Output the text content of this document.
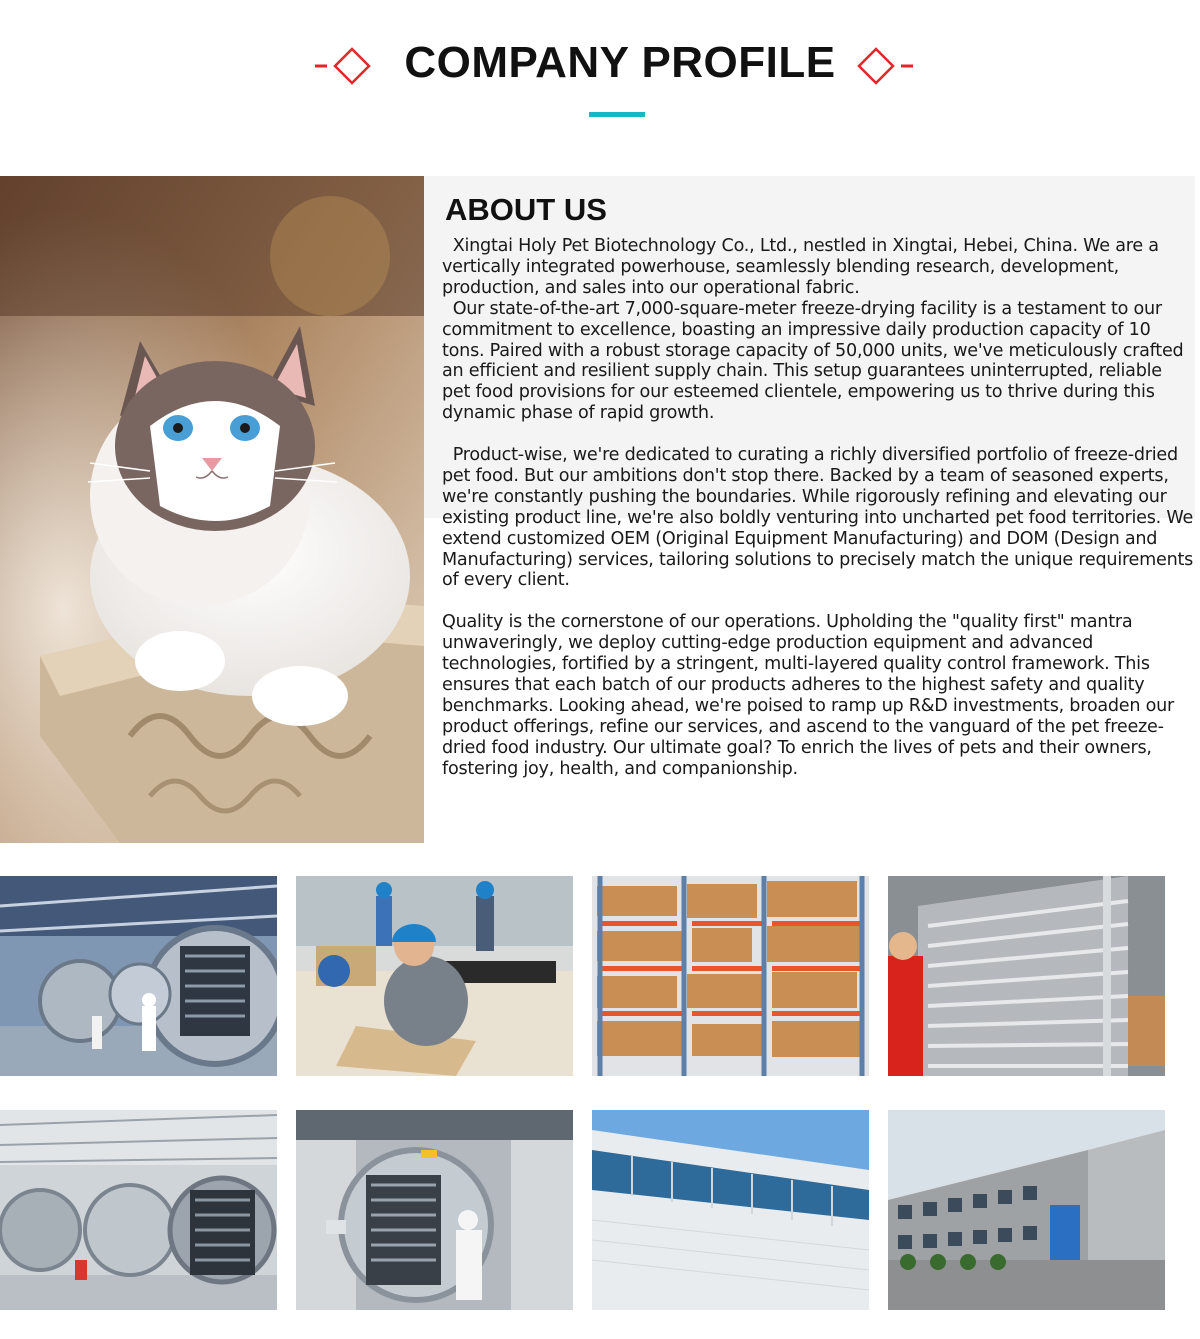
COMPANY PROFILE
ABOUT US

Xingtai Holy Pet Biotechnology Co., Ltd., nestled in Xingtai, Hebei, China. We are a vertically integrated powerhouse, seamlessly blending research, development, production, and sales into our operational fabric.
Our state-of-the-art 7,000-square-meter freeze-drying facility is a testament to our commitment to excellence, boasting an impressive daily production capacity of 10 tons. Paired with a robust storage capacity of 50,000 units, we've meticulously crafted an efficient and resilient supply chain. This setup guarantees uninterrupted, reliable pet food provisions for our esteemed clientele, empowering us to thrive during this dynamic phase of rapid growth.

Product-wise, we're dedicated to curating a richly diversified portfolio of freeze-dried pet food. But our ambitions don't stop there. Backed by a team of seasoned experts, we're constantly pushing the boundaries. While rigorously refining and elevating our existing product line, we're also boldly venturing into uncharted pet food territories. We extend customized OEM (Original Equipment Manufacturing) and DOM (Design and Manufacturing) services, tailoring solutions to precisely match the unique requirements of every client.

Quality is the cornerstone of our operations. Upholding the "quality first" mantra unwaveringly, we deploy cutting-edge production equipment and advanced technologies, fortified by a stringent, multi-layered quality control framework. This ensures that each batch of our products adheres to the highest safety and quality benchmarks. Looking ahead, we're poised to ramp up R&D investments, broaden our product offerings, refine our services, and ascend to the vanguard of the pet freeze-dried food industry. Our ultimate goal? To enrich the lives of pets and their owners, fostering joy, health, and companionship.
